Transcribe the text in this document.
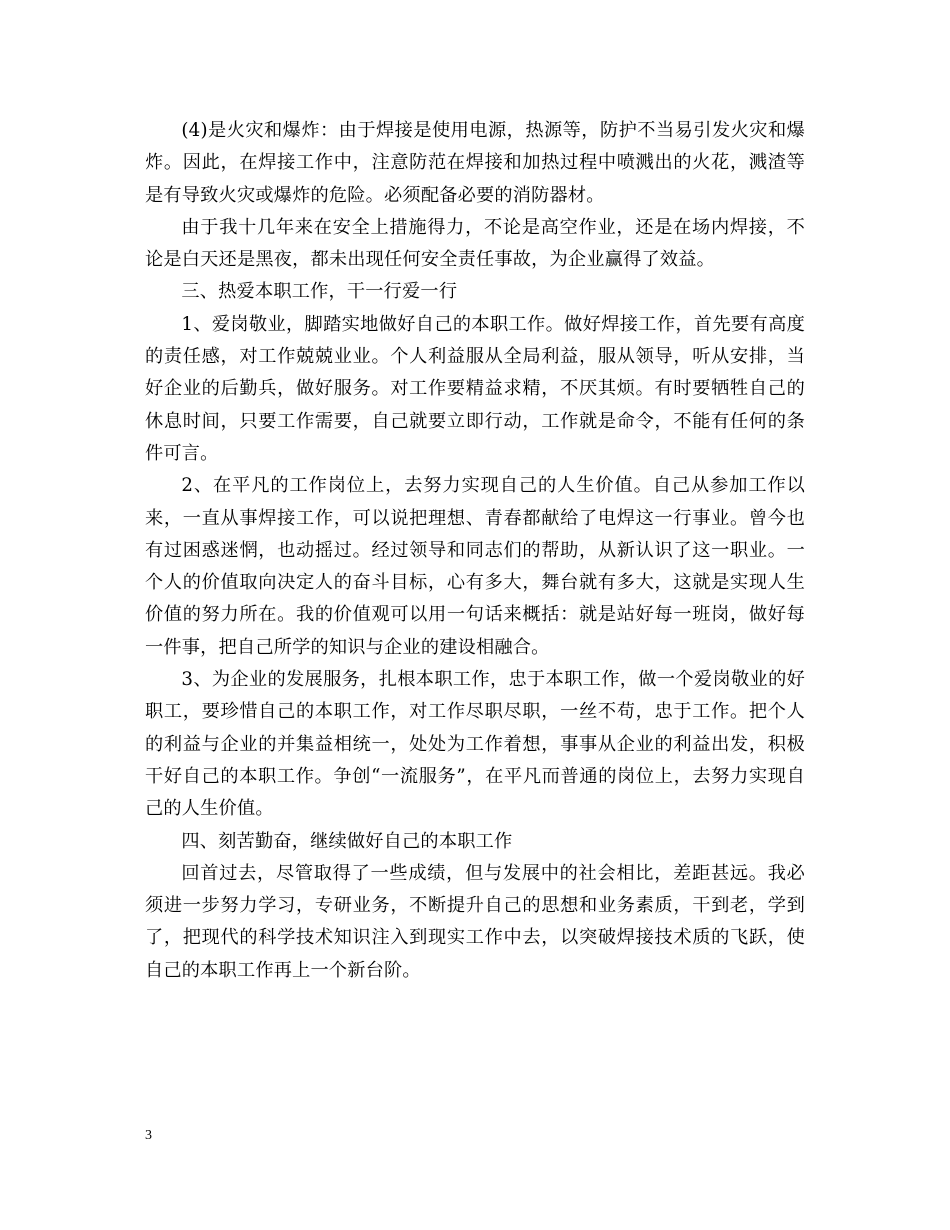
(4)是火灾和爆炸：由于焊接是使用电源，热源等，防护不当易引发火灾和爆炸。因此，在焊接工作中，注意防范在焊接和加热过程中喷溅出的火花，溅渣等是有导致火灾或爆炸的危险。必须配备必要的消防器材。

由于我十几年来在安全上措施得力，不论是高空作业，还是在场内焊接，不论是白天还是黑夜，都未出现任何安全责任事故，为企业赢得了效益。

三、热爱本职工作，干一行爱一行

1、爱岗敬业，脚踏实地做好自己的本职工作。做好焊接工作，首先要有高度的责任感，对工作兢兢业业。个人利益服从全局利益，服从领导，听从安排，当好企业的后勤兵，做好服务。对工作要精益求精，不厌其烦。有时要牺牲自己的休息时间，只要工作需要，自己就要立即行动，工作就是命令，不能有任何的条件可言。

2、在平凡的工作岗位上，去努力实现自己的人生价值。自己从参加工作以来，一直从事焊接工作，可以说把理想、青春都献给了电焊这一行事业。曾今也有过困惑迷惘，也动摇过。经过领导和同志们的帮助，从新认识了这一职业。一个人的价值取向决定人的奋斗目标，心有多大，舞台就有多大，这就是实现人生价值的努力所在。我的价值观可以用一句话来概括：就是站好每一班岗，做好每一件事，把自己所学的知识与企业的建设相融合。

3、为企业的发展服务，扎根本职工作，忠于本职工作，做一个爱岗敬业的好职工，要珍惜自己的本职工作，对工作尽职尽职，一丝不苟，忠于工作。把个人的利益与企业的并集益相统一，处处为工作着想，事事从企业的利益出发，积极干好自己的本职工作。争创“一流服务”，在平凡而普通的岗位上，去努力实现自己的人生价值。

四、刻苦勤奋，继续做好自己的本职工作

回首过去，尽管取得了一些成绩，但与发展中的社会相比，差距甚远。我必须进一步努力学习，专研业务，不断提升自己的思想和业务素质，干到老，学到了，把现代的科学技术知识注入到现实工作中去，以突破焊接技术质的飞跃，使自己的本职工作再上一个新台阶。

3
